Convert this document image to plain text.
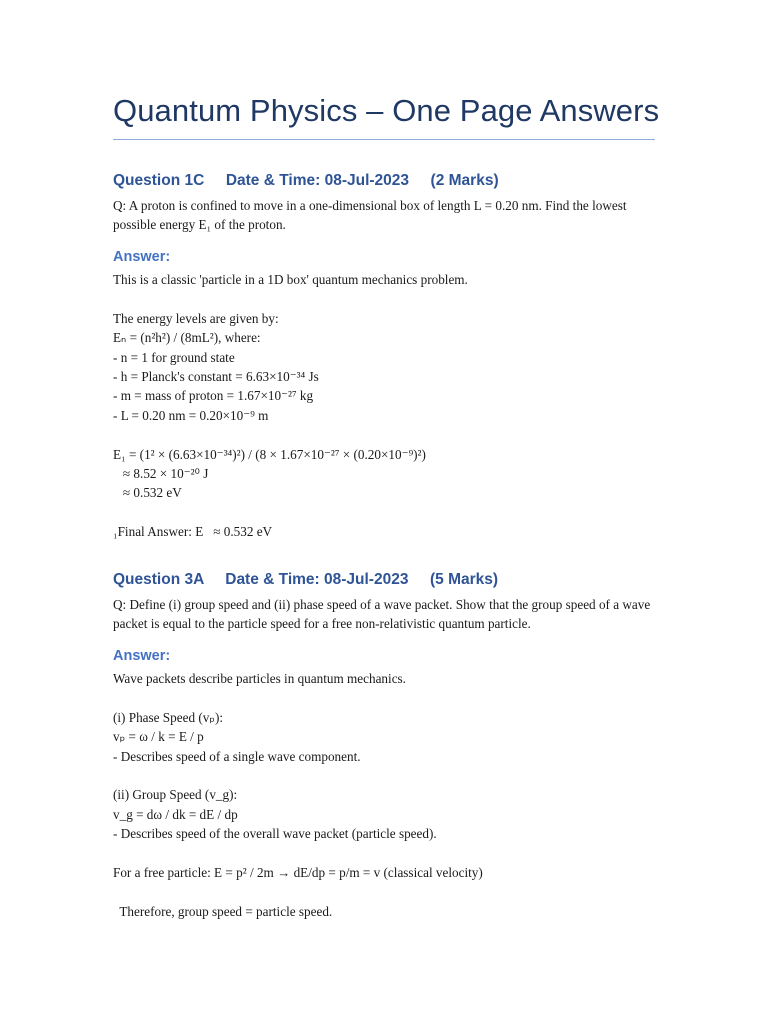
Quantum Physics – One Page Answers
Question 1C     Date & Time: 08-Jul-2023     (2 Marks)
Q: A proton is confined to move in a one-dimensional box of length L = 0.20 nm. Find the lowest possible energy E₁ of the proton.
Answer:
This is a classic 'particle in a 1D box' quantum mechanics problem.
The energy levels are given by:
Eₙ = (n²h²) / (8mL²), where:
- n = 1 for ground state
- h = Planck's constant = 6.63×10⁻³⁴ Js
- m = mass of proton = 1.67×10⁻²⁷ kg
- L = 0.20 nm = 0.20×10⁻⁹ m
E₁ = (1² × (6.63×10⁻³⁴)²) / (8 × 1.67×10⁻²⁷ × (0.20×10⁻⁹)²)
≈ 8.52 × 10⁻²⁰ J
≈ 0.532 eV
₁Final Answer: E   ≈ 0.532 eV
Question 3A     Date & Time: 08-Jul-2023     (5 Marks)
Q: Define (i) group speed and (ii) phase speed of a wave packet. Show that the group speed of a wave packet is equal to the particle speed for a free non-relativistic quantum particle.
Answer:
Wave packets describe particles in quantum mechanics.
(i) Phase Speed (vₚ):
vₚ = ω / k = E / p
- Describes speed of a single wave component.
(ii) Group Speed (v_g):
v_g = dω / dk = dE / dp
- Describes speed of the overall wave packet (particle speed).
For a free particle: E = p² / 2m → dE/dp = p/m = v (classical velocity)
Therefore, group speed = particle speed.
